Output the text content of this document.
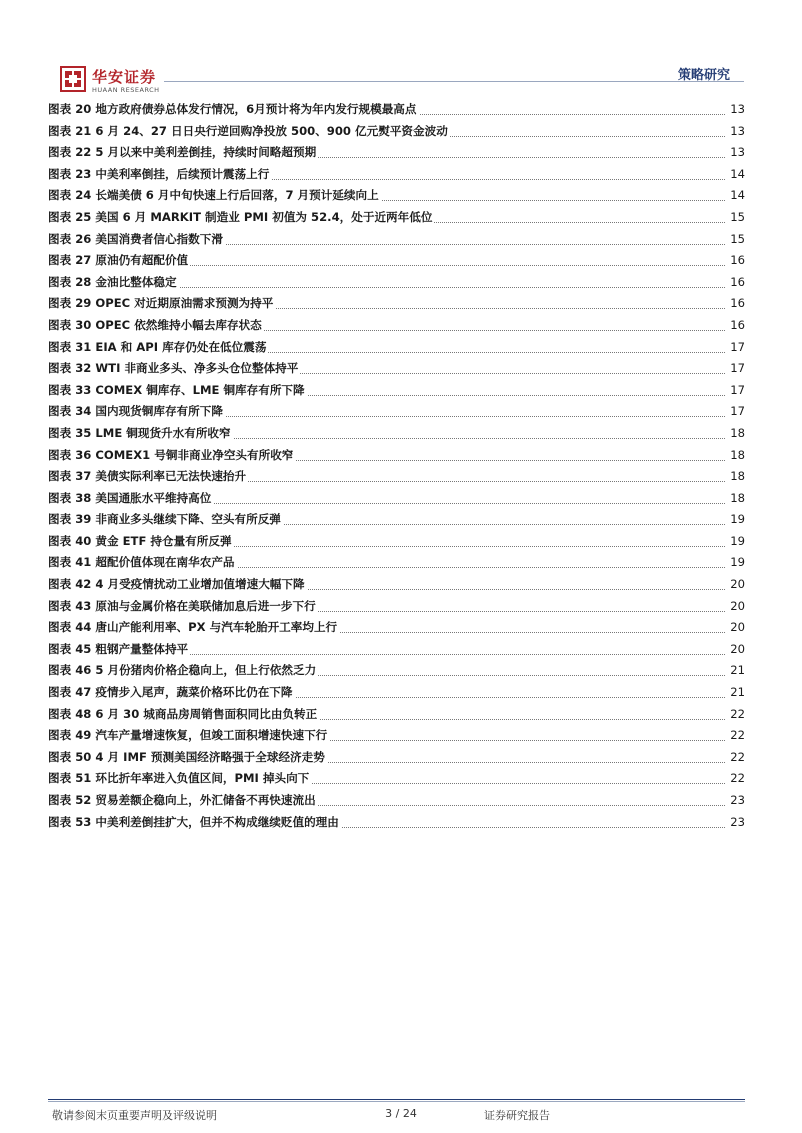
华安证券
HUAAN RESEARCH
策略研究
图表 20 地方政府债券总体发行情况，6月预计将为年内发行规模最高点	13
图表 21 6 月 24、27 日日央行逆回购净投放 500、900 亿元熨平资金波动	13
图表 22 5 月以来中美利差倒挂，持续时间略超预期	13
图表 23 中美利率倒挂，后续预计震荡上行	14
图表 24 长端美债 6 月中旬快速上行后回落，7 月预计延续向上	14
图表 25 美国 6 月 MARKIT 制造业 PMI 初值为 52.4，处于近两年低位	15
图表 26 美国消费者信心指数下滑	15
图表 27 原油仍有超配价值	16
图表 28 金油比整体稳定	16
图表 29 OPEC 对近期原油需求预测为持平	16
图表 30 OPEC 依然维持小幅去库存状态	16
图表 31 EIA 和 API 库存仍处在低位震荡	17
图表 32 WTI 非商业多头、净多头仓位整体持平	17
图表 33 COMEX 铜库存、LME 铜库存有所下降	17
图表 34 国内现货铜库存有所下降	17
图表 35 LME 铜现货升水有所收窄	18
图表 36 COMEX1 号铜非商业净空头有所收窄	18
图表 37 美债实际利率已无法快速抬升	18
图表 38 美国通胀水平维持高位	18
图表 39 非商业多头继续下降、空头有所反弹	19
图表 40 黄金 ETF 持仓量有所反弹	19
图表 41 超配价值体现在南华农产品	19
图表 42 4 月受疫情扰动工业增加值增速大幅下降	20
图表 43 原油与金属价格在美联储加息后进一步下行	20
图表 44 唐山产能利用率、PX 与汽车轮胎开工率均上行	20
图表 45 粗钢产量整体持平	20
图表 46 5 月份猪肉价格企稳向上，但上行依然乏力	21
图表 47 疫情步入尾声，蔬菜价格环比仍在下降	21
图表 48 6 月 30 城商品房周销售面积同比由负转正	22
图表 49 汽车产量增速恢复，但竣工面积增速快速下行	22
图表 50 4 月 IMF 预测美国经济略强于全球经济走势	22
图表 51 环比折年率进入负值区间，PMI 掉头向下	22
图表 52 贸易差额企稳向上，外汇储备不再快速流出	23
图表 53 中美利差倒挂扩大，但并不构成继续贬值的理由	23
敬请参阅末页重要声明及评级说明	3 / 24	证券研究报告
